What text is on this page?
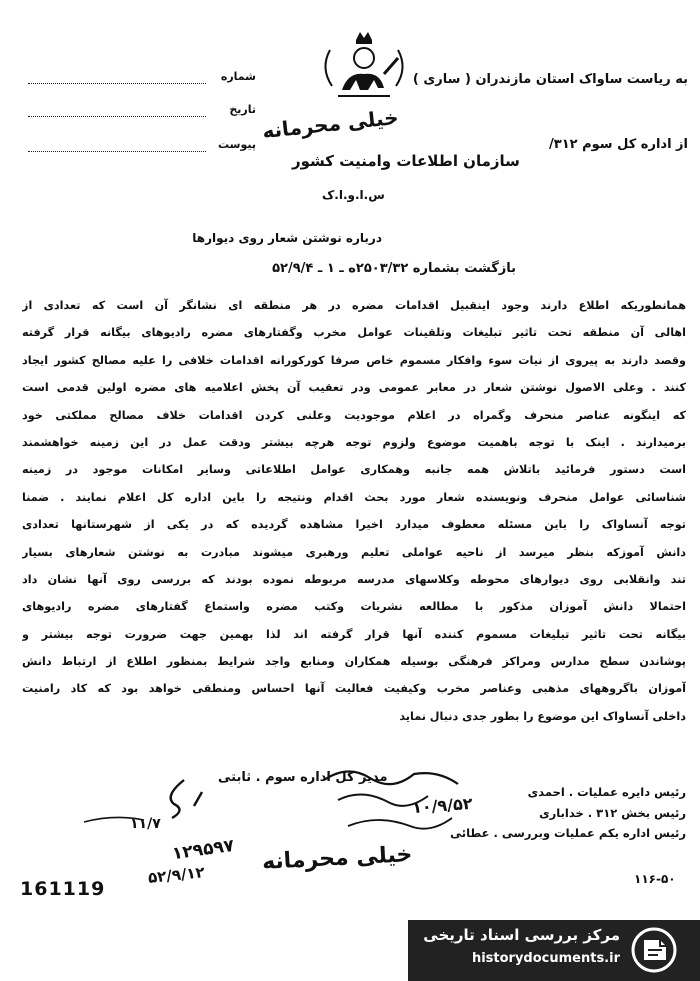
به ریاست ساواک استان مازندران ( ساری )
از اداره کل سوم ۳۱۲/
شماره
تاریخ
پیوست
خیلی محرمانه
سازمان اطلاعات وامنیت کشور
س.ا.و.ا.ک
درباره نوشتن شعار روی دیوارها
بازگشت بشماره ۲۵۰۳/۳۲ه ـ ۱ ـ ۵۲/۹/۴
همانطوریکه اطلاع دارند وجود اینقبیل اقدامات مضره در هر منطقه ای نشانگر آن است که تعدادی از
اهالی آن منطقه تحت تاثیر تبلیغات وتلقینات عوامل مخرب وگفتارهای مضره رادیوهای بیگانه قرار گرفته
وقصد دارند به پیروی از نیات سوء وافکار مسموم خاص صرفا کورکورانه اقدامات خلافی را علیه مصالح کشور ایجاد
کنند . وعلی الاصول نوشتن شعار در معابر عمومی ودر تعقیب آن پخش اعلامیه های مضره اولین قدمی است
که اینگونه عناصر منحرف وگمراه در اعلام موجودیت وعلنی کردن اقدامات خلاف مصالح مملکتی خود
برمیدارند . اینک با توجه باهمیت موضوع ولزوم توجه هرچه بیشتر ودقت عمل در این زمینه خواهشمند
است دستور فرمائید باتلاش همه جانبه وهمکاری عوامل اطلاعاتی وسایر امکانات موجود در زمینه
شناسائی عوامل منحرف ونویسنده شعار مورد بحث اقدام ونتیجه را باین اداره کل اعلام نمایند . ضمنا
توجه آنساواک را باین مسئله معطوف میدارد اخیرا مشاهده گردیده که در یکی از شهرستانها تعدادی
دانش آموزکه بنظر میرسد از ناحیه عواملی تعلیم ورهبری میشوند مبادرت به نوشتن شعارهای بسیار
تند وانقلابی روی دیوارهای محوطه وکلاسهای مدرسه مربوطه نموده بودند که بررسی روی آنها نشان داد
احتمالا دانش آموزان مذکور با مطالعه نشریات وکتب مضره واستماع گفتارهای مضره رادیوهای
بیگانه تحت تاثیر تبلیغات مسموم کننده آنها قرار گرفته اند لذا بهمین جهت ضرورت توجه بیشتر و
پوشاندن سطح مدارس ومراکز فرهنگی بوسیله همکاران ومنابع واجد شرایط بمنظور اطلاع از ارتباط دانش
آموزان باگروههای مذهبی وعناصر مخرب وکیفیت فعالیت آنها احساس ومنطقی خواهد بود که کاد رامنیت
داخلی آنساواک این موضوع را بطور جدی دنبال نماید
رئیس دایره عملیات . احمدی
رئیس بخش ۳۱۲ . خداباری
رئیس اداره یکم عملیات وبررسی . عطائی
۱۰/۹/۵۲
مدیر کل اداره سوم . ثابتی
۱۱/۷
۱۲۹۵۹۷
۵۲/۹/۱۲
خیلی محرمانه
۱۱۶-۵۰
161119
مرکز بررسی اسناد تاریخی
historydocuments.ir
